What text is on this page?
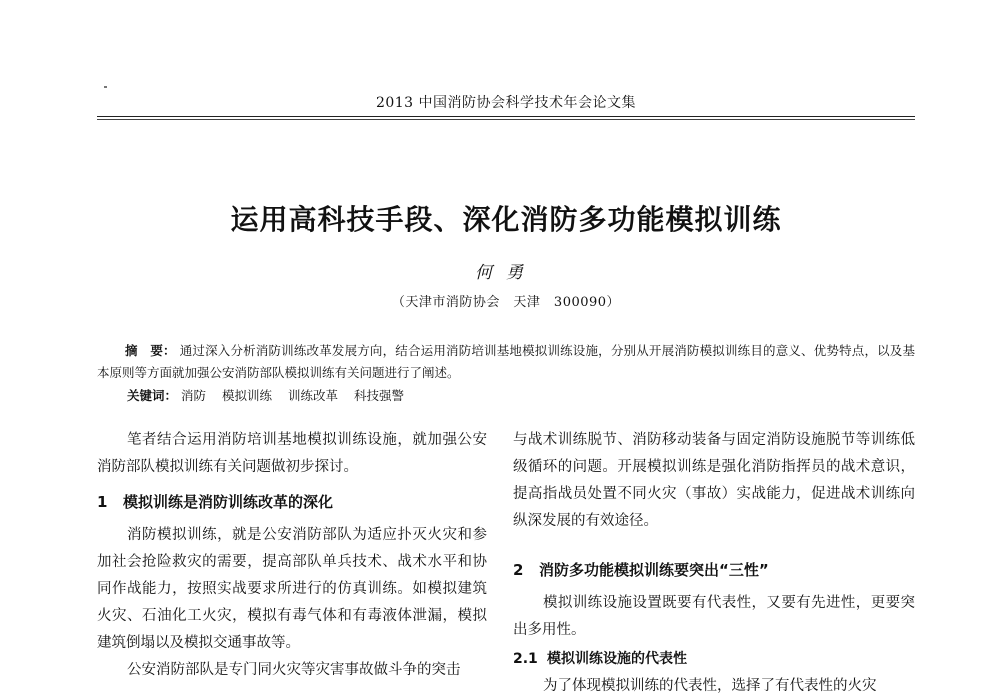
2013 中国消防协会科学技术年会论文集
运用高科技手段、深化消防多功能模拟训练
何勇
（天津市消防协会　天津　300090）
摘　要： 通过深入分析消防训练改革发展方向，结合运用消防培训基地模拟训练设施，分别从开展消防模拟训练目的意义、优势特点，以及基本原则等方面就加强公安消防部队模拟训练有关问题进行了阐述。
关键词： 消防 模拟训练 训练改革 科技强警

笔者结合运用消防培训基地模拟训练设施，就加强公安消防部队模拟训练有关问题做初步探讨。

1 模拟训练是消防训练改革的深化

消防模拟训练，就是公安消防部队为适应扑灭火灾和参加社会抢险救灾的需要，提高部队单兵技术、战术水平和协同作战能力，按照实战要求所进行的仿真训练。如模拟建筑火灾、石油化工火灾，模拟有毒气体和有毒液体泄漏，模拟建筑倒塌以及模拟交通事故等。

公安消防部队是专门同火灾等灾害事故做斗争的突击

与战术训练脱节、消防移动装备与固定消防设施脱节等训练低级循环的问题。开展模拟训练是强化消防指挥员的战术意识，提高指战员处置不同火灾（事故）实战能力，促进战术训练向纵深发展的有效途径。

2 消防多功能模拟训练要突出“三性”

模拟训练设施设置既要有代表性，又要有先进性，更要突出多用性。

2.1 模拟训练设施的代表性

为了体现模拟训练的代表性，选择了有代表性的火灾
